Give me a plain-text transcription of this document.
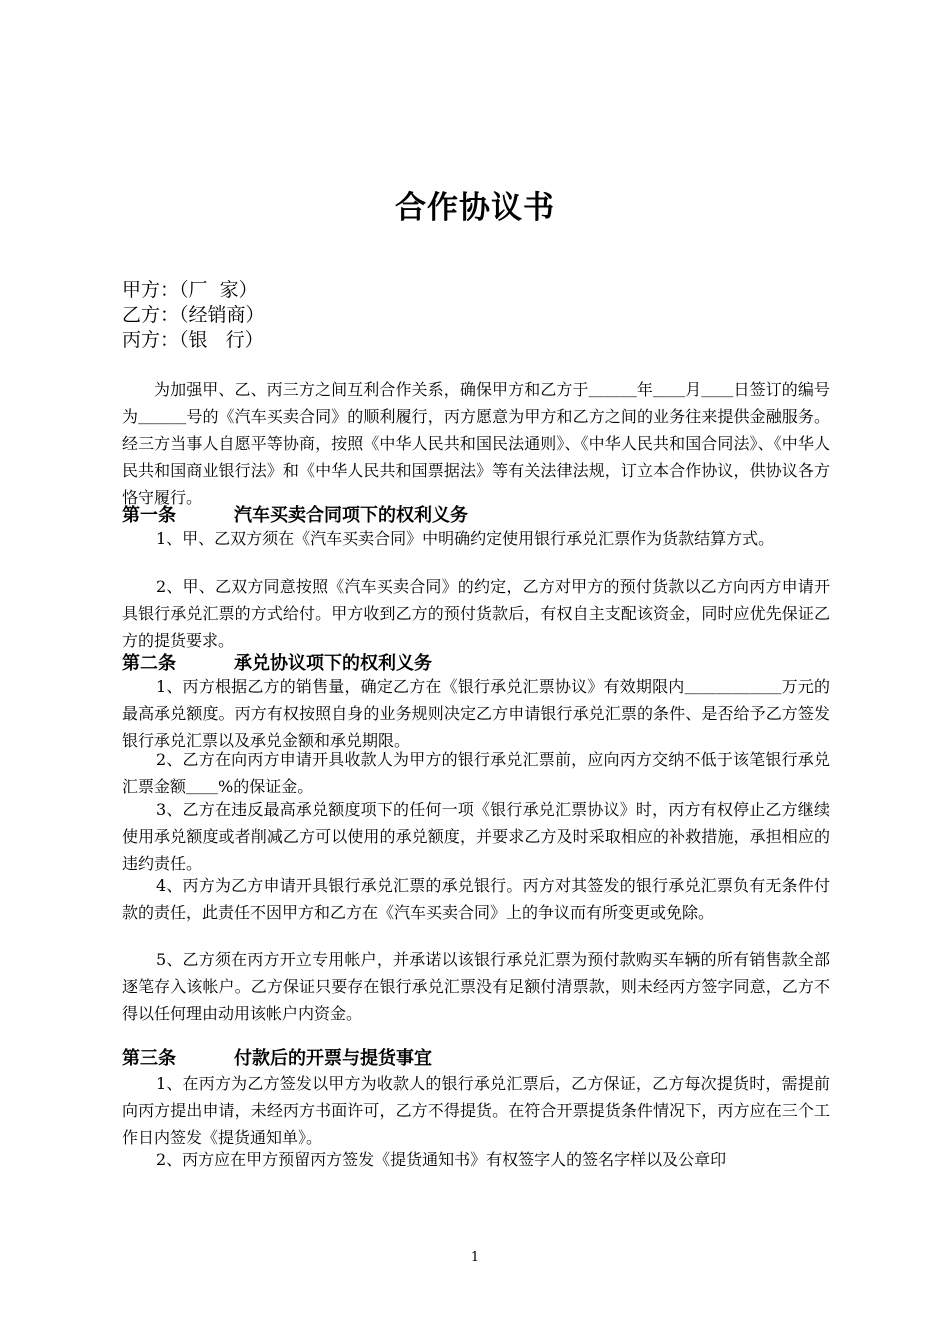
合作协议书
甲方：（厂  家）
乙方：（经销商）
丙方：（银   行）
为加强甲、乙、丙三方之间互利合作关系，确保甲方和乙方于＿＿＿年＿＿月＿＿日签订的编号为＿＿＿号的《汽车买卖合同》的顺利履行，丙方愿意为甲方和乙方之间的业务往来提供金融服务。经三方当事人自愿平等协商，按照《中华人民共和国民法通则》、《中华人民共和国合同法》、《中华人民共和国商业银行法》和《中华人民共和国票据法》等有关法律法规，订立本合作协议，供协议各方恪守履行。
第一条	汽车买卖合同项下的权利义务
1、甲、乙双方须在《汽车买卖合同》中明确约定使用银行承兑汇票作为货款结算方式。
2、甲、乙双方同意按照《汽车买卖合同》的约定，乙方对甲方的预付货款以乙方向丙方申请开具银行承兑汇票的方式给付。甲方收到乙方的预付货款后，有权自主支配该资金，同时应优先保证乙方的提货要求。
第二条	承兑协议项下的权利义务
1、丙方根据乙方的销售量，确定乙方在《银行承兑汇票协议》有效期限内＿＿＿＿＿＿万元的最高承兑额度。丙方有权按照自身的业务规则决定乙方申请银行承兑汇票的条件、是否给予乙方签发银行承兑汇票以及承兑金额和承兑期限。
2、乙方在向丙方申请开具收款人为甲方的银行承兑汇票前，应向丙方交纳不低于该笔银行承兑汇票金额＿＿%的保证金。
3、乙方在违反最高承兑额度项下的任何一项《银行承兑汇票协议》时，丙方有权停止乙方继续使用承兑额度或者削减乙方可以使用的承兑额度，并要求乙方及时采取相应的补救措施，承担相应的违约责任。
4、丙方为乙方申请开具银行承兑汇票的承兑银行。丙方对其签发的银行承兑汇票负有无条件付款的责任，此责任不因甲方和乙方在《汽车买卖合同》上的争议而有所变更或免除。
5、乙方须在丙方开立专用帐户，并承诺以该银行承兑汇票为预付款购买车辆的所有销售款全部逐笔存入该帐户。乙方保证只要存在银行承兑汇票没有足额付清票款，则未经丙方签字同意，乙方不得以任何理由动用该帐户内资金。
第三条	付款后的开票与提货事宜
1、在丙方为乙方签发以甲方为收款人的银行承兑汇票后，乙方保证，乙方每次提货时，需提前向丙方提出申请，未经丙方书面许可，乙方不得提货。在符合开票提货条件情况下，丙方应在三个工作日内签发《提货通知单》。
2、丙方应在甲方预留丙方签发《提货通知书》有权签字人的签名字样以及公章印
1
